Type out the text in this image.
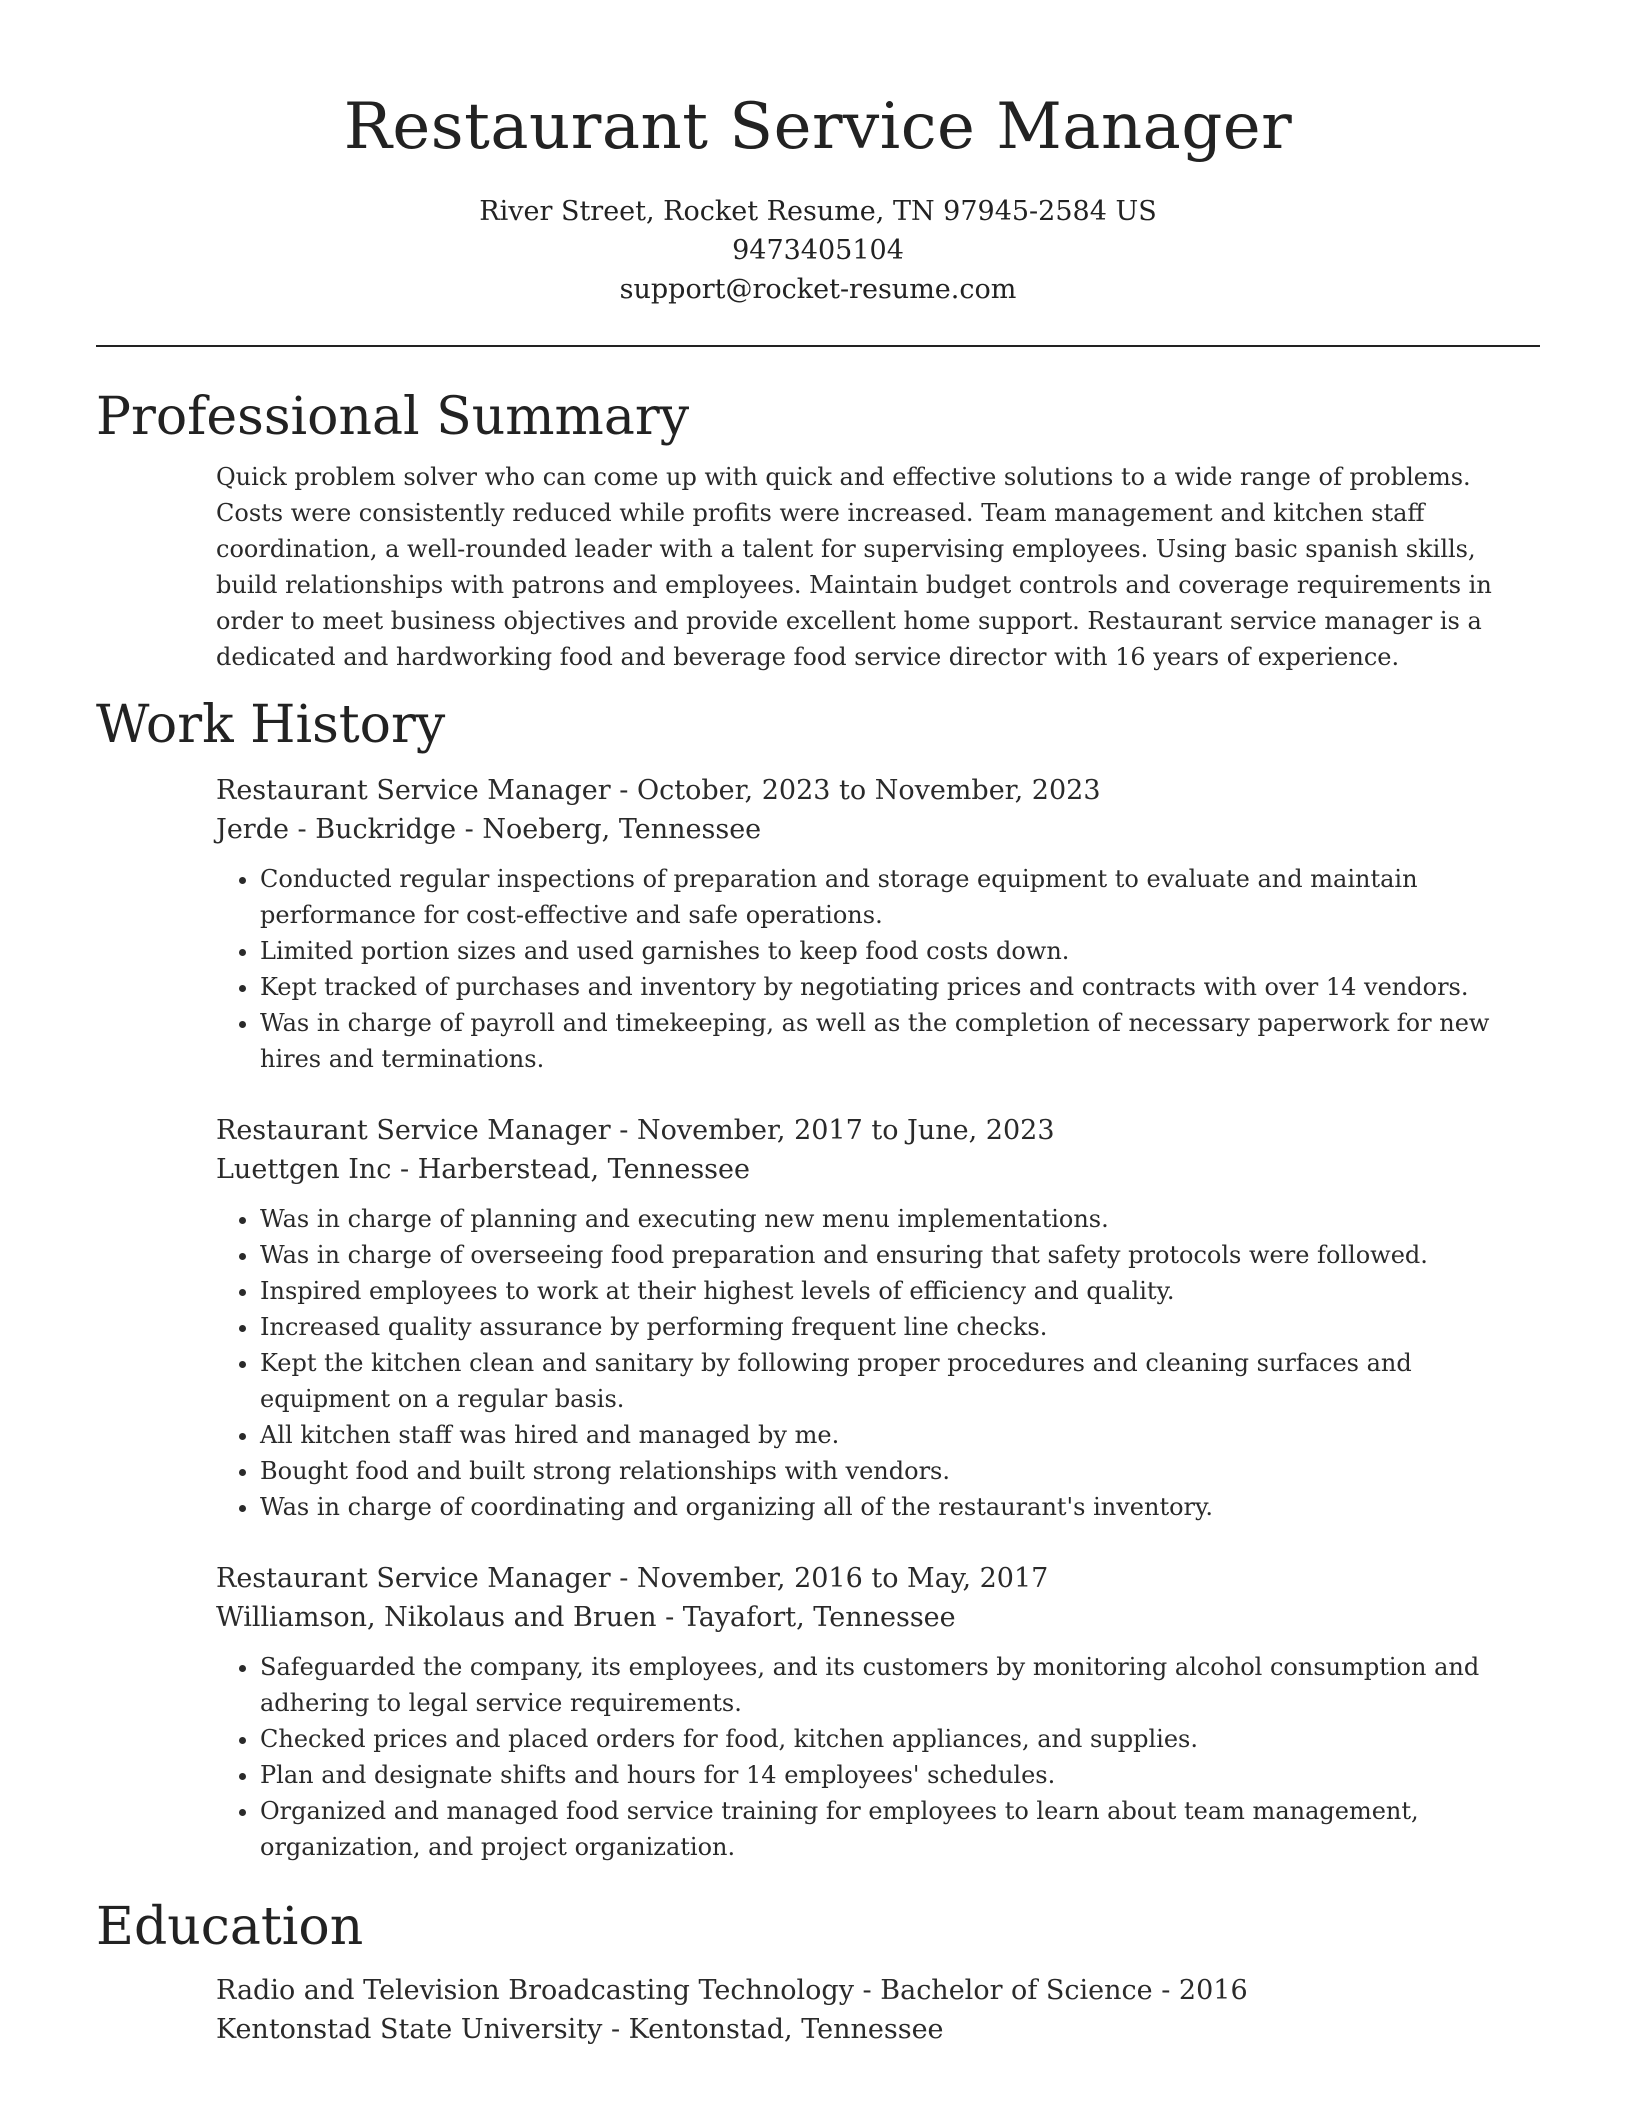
Restaurant Service Manager
River Street, Rocket Resume, TN 97945-2584 US
9473405104
support@rocket-resume.com
Professional Summary
Quick problem solver who can come up with quick and effective solutions to a wide range of problems. Costs were consistently reduced while profits were increased. Team management and kitchen staff coordination, a well-rounded leader with a talent for supervising employees. Using basic spanish skills, build relationships with patrons and employees. Maintain budget controls and coverage requirements in order to meet business objectives and provide excellent home support. Restaurant service manager is a dedicated and hardworking food and beverage food service director with 16 years of experience.
Work History
Restaurant Service Manager - October, 2023 to November, 2023
Jerde - Buckridge - Noeberg, Tennessee
• Conducted regular inspections of preparation and storage equipment to evaluate and maintain performance for cost-effective and safe operations.
• Limited portion sizes and used garnishes to keep food costs down.
• Kept tracked of purchases and inventory by negotiating prices and contracts with over 14 vendors.
• Was in charge of payroll and timekeeping, as well as the completion of necessary paperwork for new hires and terminations.
Restaurant Service Manager - November, 2017 to June, 2023
Luettgen Inc - Harberstead, Tennessee
• Was in charge of planning and executing new menu implementations.
• Was in charge of overseeing food preparation and ensuring that safety protocols were followed.
• Inspired employees to work at their highest levels of efficiency and quality.
• Increased quality assurance by performing frequent line checks.
• Kept the kitchen clean and sanitary by following proper procedures and cleaning surfaces and equipment on a regular basis.
• All kitchen staff was hired and managed by me.
• Bought food and built strong relationships with vendors.
• Was in charge of coordinating and organizing all of the restaurant's inventory.
Restaurant Service Manager - November, 2016 to May, 2017
Williamson, Nikolaus and Bruen - Tayafort, Tennessee
• Safeguarded the company, its employees, and its customers by monitoring alcohol consumption and adhering to legal service requirements.
• Checked prices and placed orders for food, kitchen appliances, and supplies.
• Plan and designate shifts and hours for 14 employees' schedules.
• Organized and managed food service training for employees to learn about team management, organization, and project organization.
Education
Radio and Television Broadcasting Technology - Bachelor of Science - 2016
Kentonstad State University - Kentonstad, Tennessee
